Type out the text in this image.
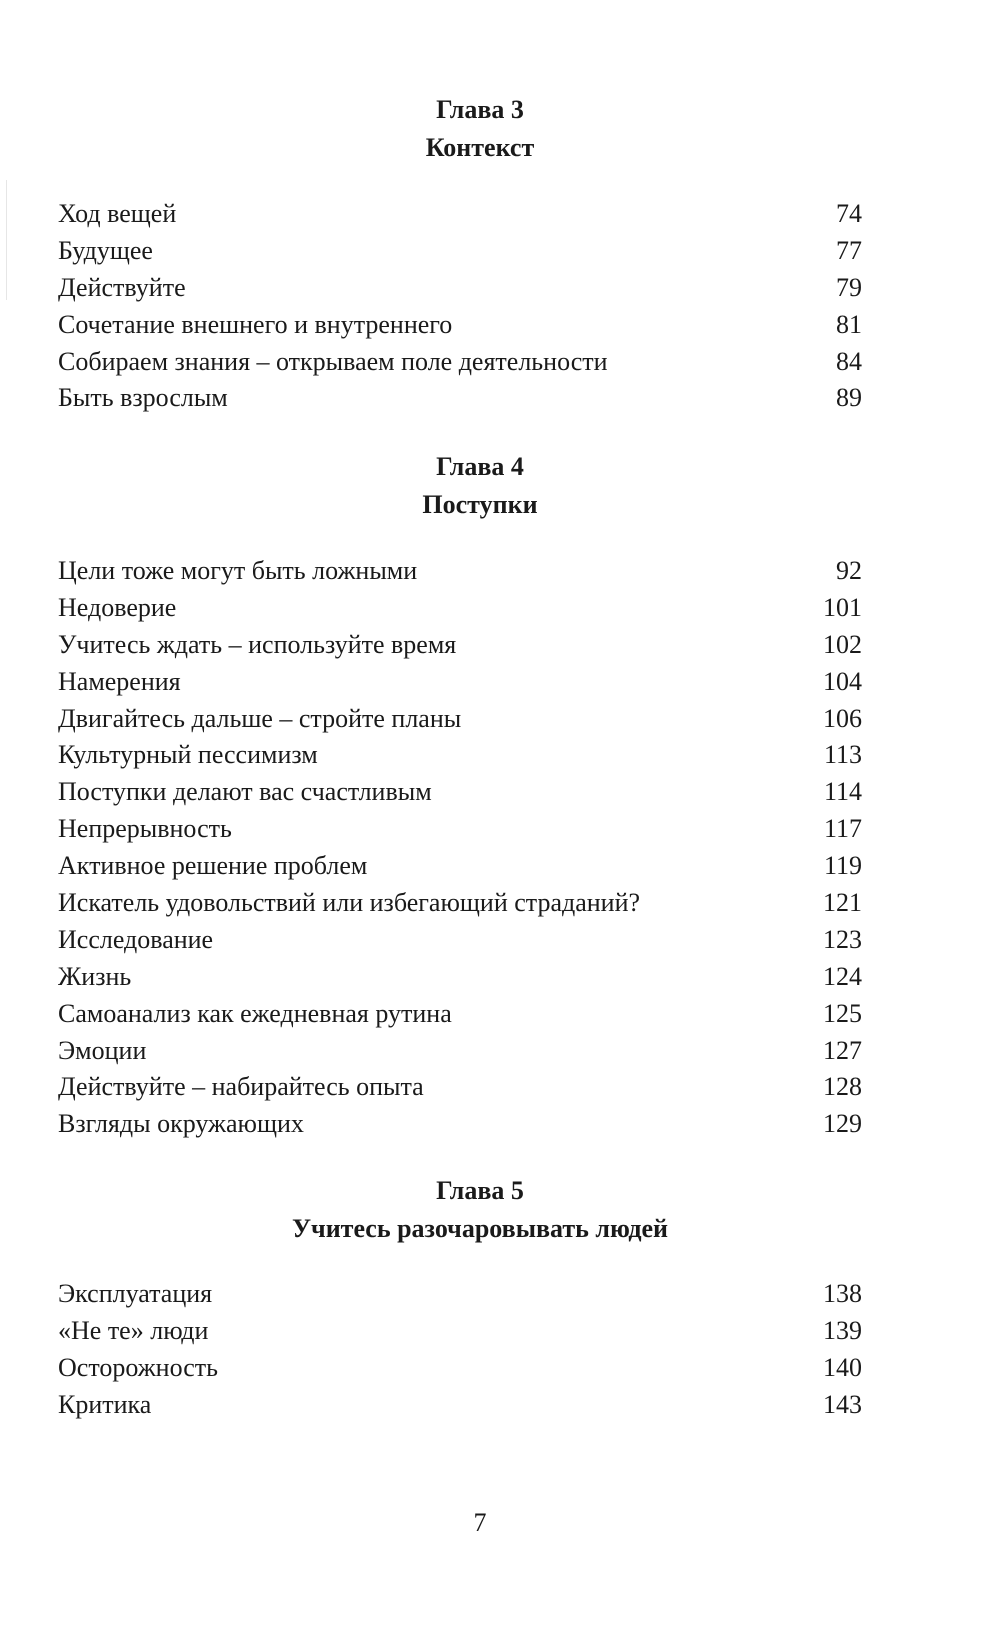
Глава 3
Контекст
Ход вещей	74
Будущее	77
Действуйте	79
Сочетание внешнего и внутреннего	81
Собираем знания – открываем поле деятельности	84
Быть взрослым	89
Глава 4
Поступки
Цели тоже могут быть ложными	92
Недоверие	101
Учитесь ждать – используйте время	102
Намерения	104
Двигайтесь дальше – стройте планы	106
Культурный пессимизм	113
Поступки делают вас счастливым	114
Непрерывность	117
Активное решение проблем	119
Искатель удовольствий или избегающий страданий?	121
Исследование	123
Жизнь	124
Самоанализ как ежедневная рутина	125
Эмоции	127
Действуйте – набирайтесь опыта	128
Взгляды окружающих	129
Глава 5
Учитесь разочаровывать людей
Эксплуатация	138
«Не те» люди	139
Осторожность	140
Критика	143
7
